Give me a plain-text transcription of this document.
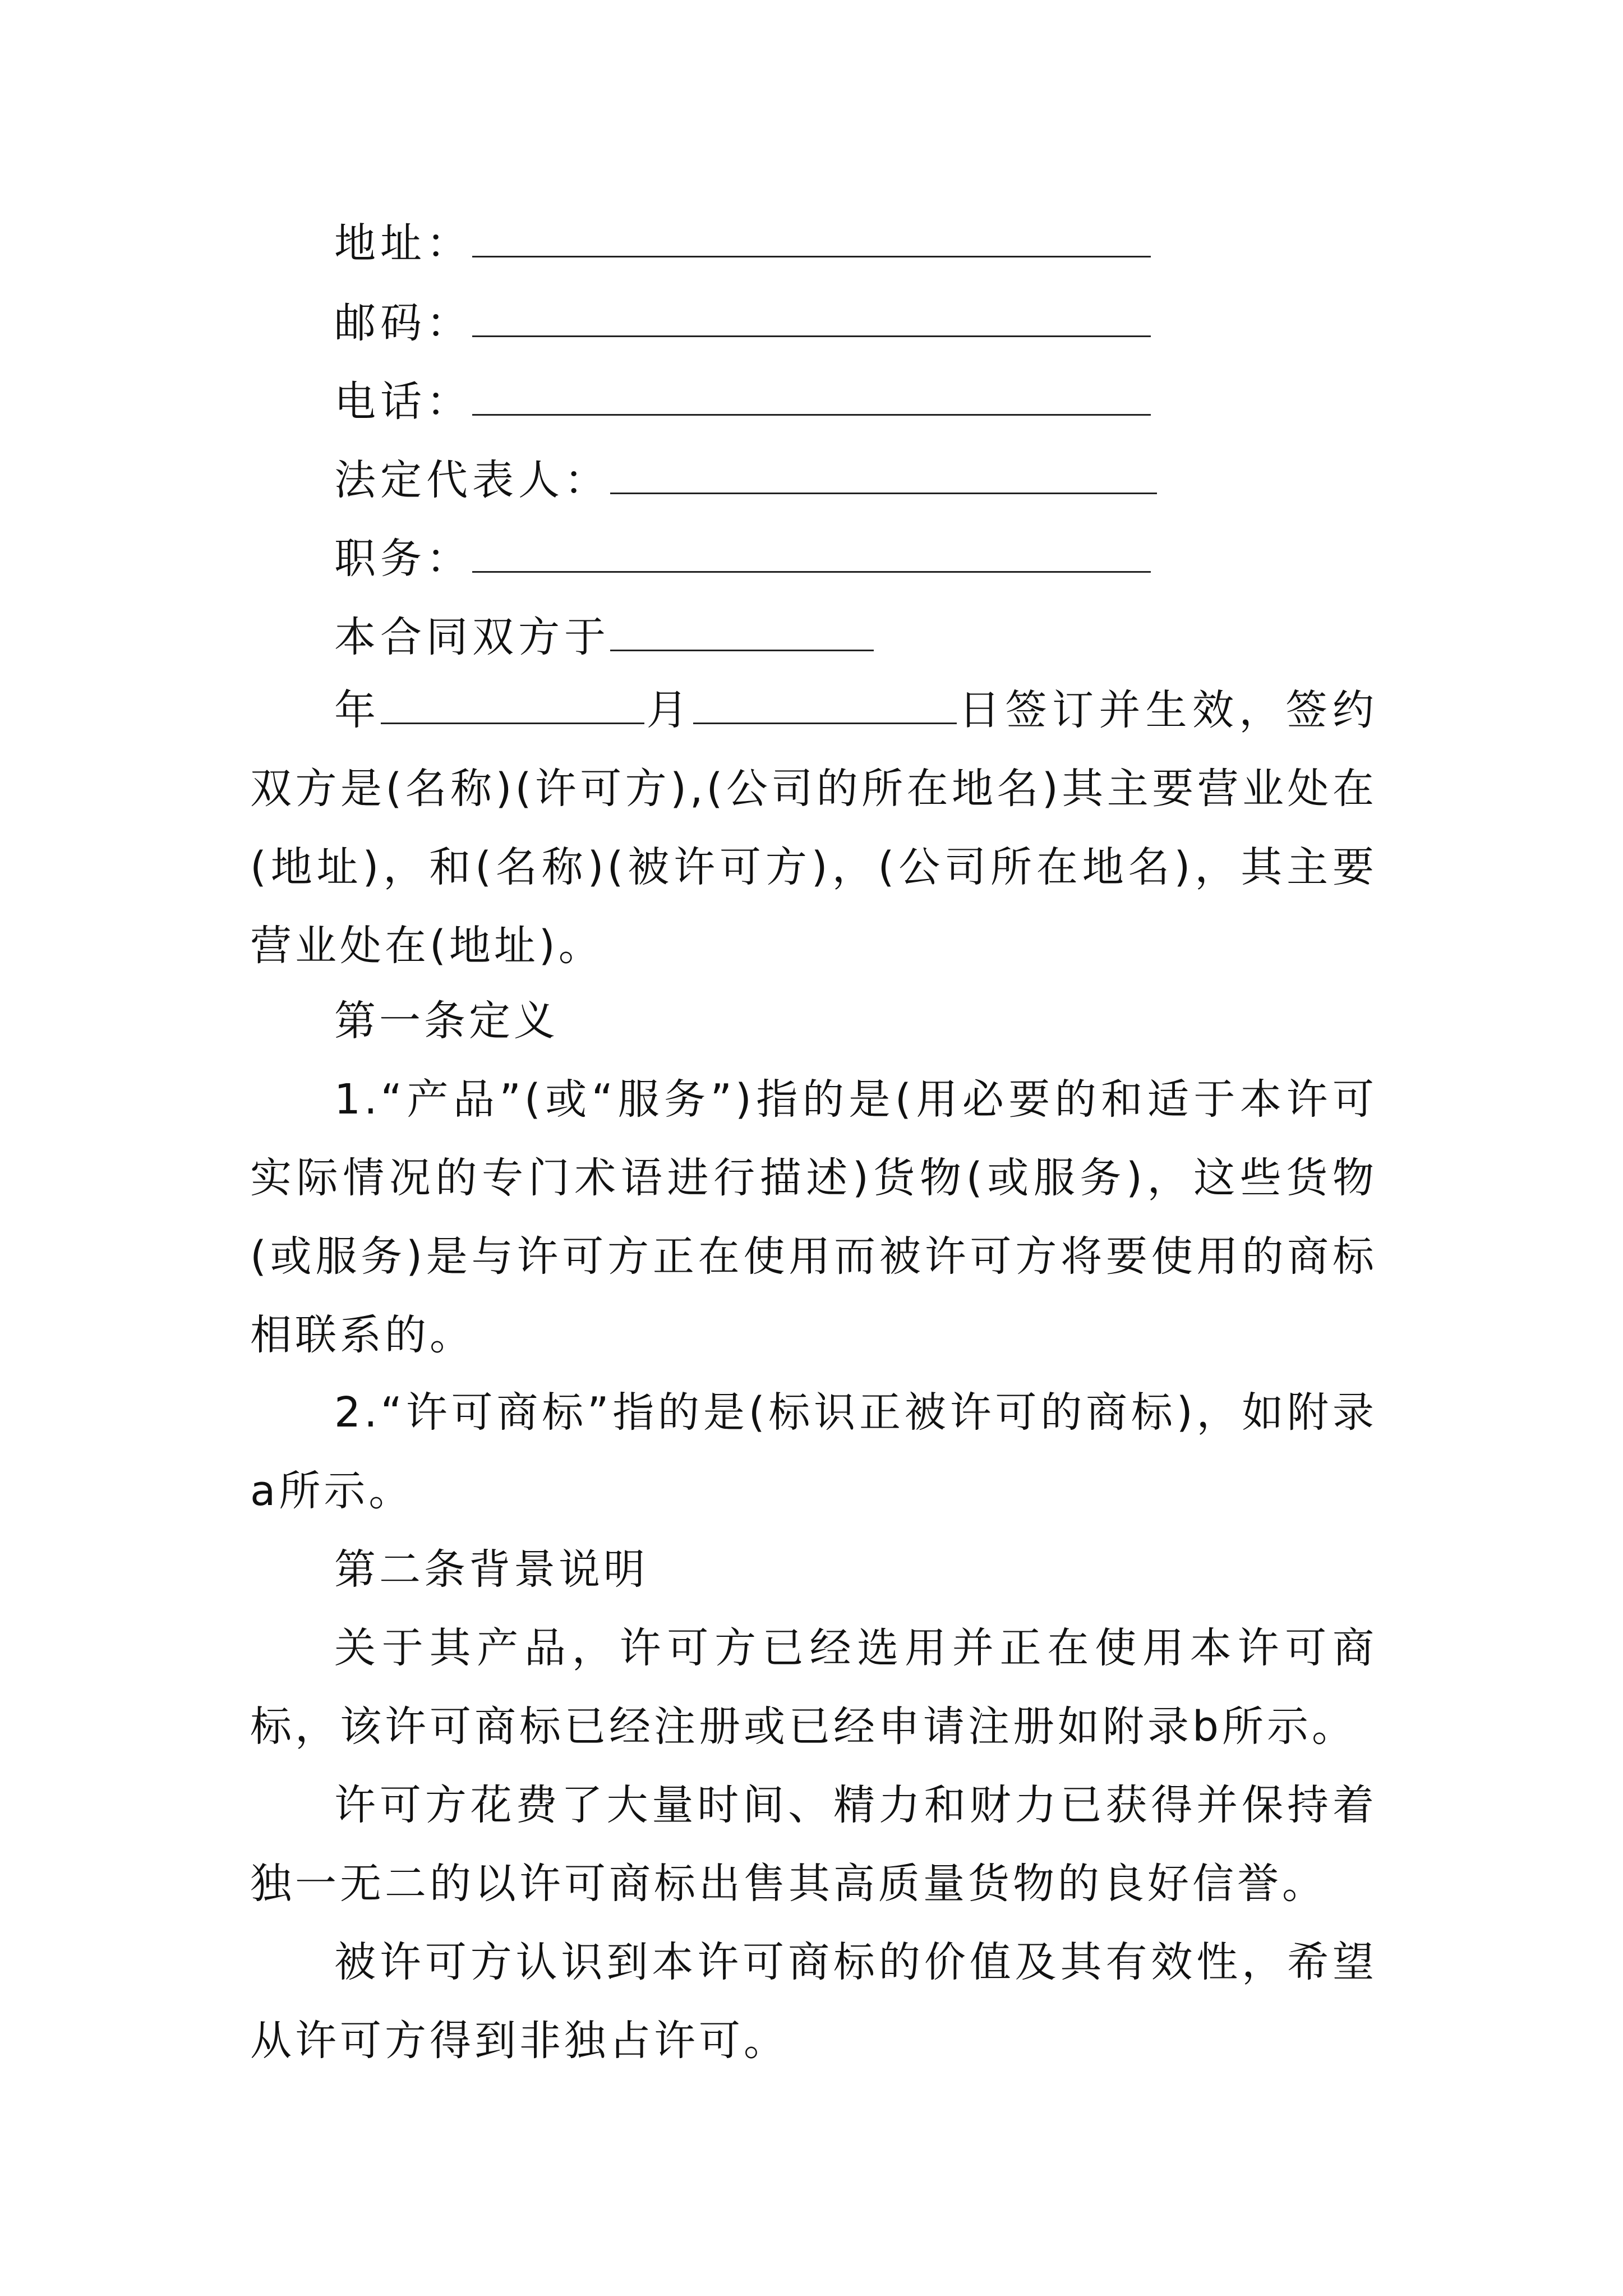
地址：
邮码：
电话：
法定代表人：
职务：
本合同双方于
年	月	日签订并生效，签约双方是(名称)(许可方),(公司的所在地名)其主要营业处在(地址)，和(名称)(被许可方)，(公司所在地名)，其主要营业处在(地址)。
第一条定义
1.“产品”(或“服务”)指的是(用必要的和适于本许可实际情况的专门术语进行描述)货物(或服务)，这些货物(或服务)是与许可方正在使用而被许可方将要使用的商标相联系的。
2.“许可商标”指的是(标识正被许可的商标)，如附录a所示。
第二条背景说明
关于其产品，许可方已经选用并正在使用本许可商标，该许可商标已经注册或已经申请注册如附录b所示。
许可方花费了大量时间、精力和财力已获得并保持着独一无二的以许可商标出售其高质量货物的良好信誉。
被许可方认识到本许可商标的价值及其有效性，希望从许可方得到非独占许可。
